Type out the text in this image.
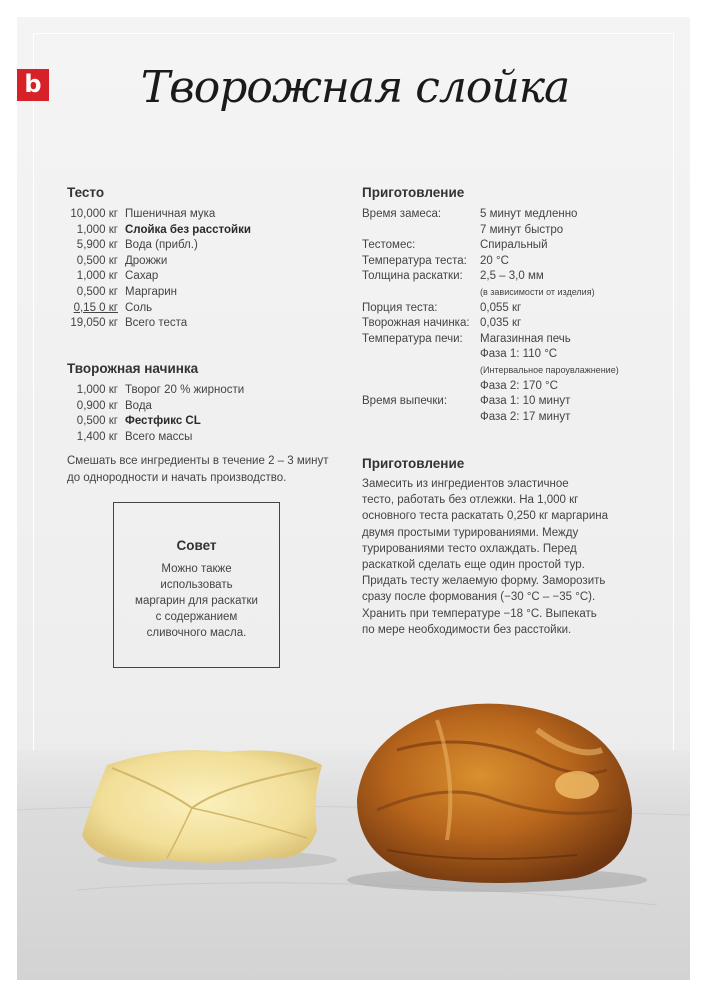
b Творожная слойка
Тесто
10,000 кг Пшеничная мука
1,000 кг Слойка без расстойки
5,900 кг Вода (прибл.)
0,500 кг Дрожжи
1,000 кг Сахар
0,500 кг Маргарин
0,15 0 кг Соль
19,050 кг Всего теста
Творожная начинка
1,000 кг Творог 20 % жирности
0,900 кг Вода
0,500 кг Фестфикс CL
1,400 кг Всего массы
Смешать все ингредиенты в течение 2 – 3 минут
до однородности и начать производство.
Совет
Можно также
использовать
маргарин для раскатки
с содержанием
сливочного масла.
Приготовление
Время замеса:	5 минут медленно
7 минут быстро
Тестомес:	Спиральный
Температура теста:	20 °C
Толщина раскатки:	2,5 – 3,0 мм
(в зависимости от изделия)
Порция теста:	0,055 кг
Творожная начинка: 0,035 кг
Температура печи:	Магазинная печь
Фаза 1: 110 °C
(Интервальное пароувлажнение)
Фаза 2: 170 °C
Время выпечки:	Фаза 1: 10 минут
Фаза 2: 17 минут
Приготовление
Замесить из ингредиентов эластичное
тесто, работать без отлежки. На 1,000 кг
основного теста раскатать 0,250 кг маргарина
двумя простыми турированиями. Между
турированиями тесто охлаждать. Перед
раскаткой сделать еще один простой тур.
Придать тесту желаемую форму. Заморозить
сразу после формования (−30 °C – −35 °C).
Хранить при температуре −18 °C. Выпекать
по мере необходимости без расстойки.
